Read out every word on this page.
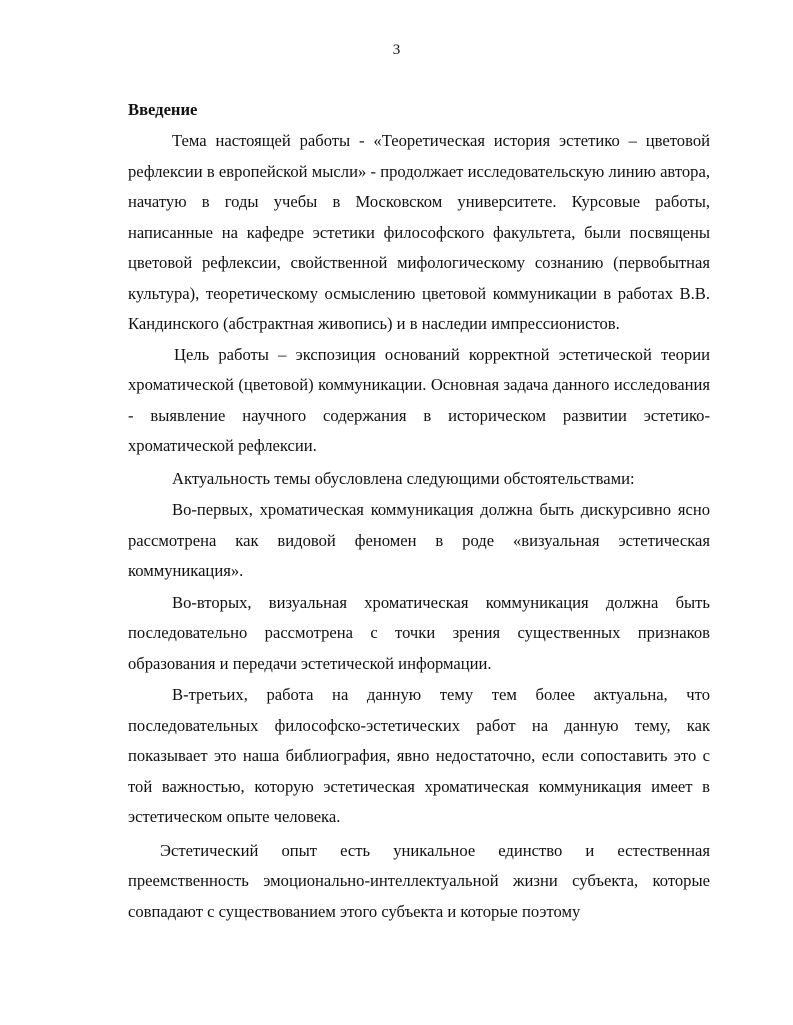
3

Введение

Тема настоящей работы - «Теоретическая история эстетико – цветовой рефлексии в европейской мысли» - продолжает исследовательскую линию автора, начатую в годы учебы в Московском университете. Курсовые работы, написанные на кафедре эстетики философского факультета, были посвящены цветовой рефлексии, свойственной мифологическому сознанию (первобытная культура), теоретическому осмыслению цветовой коммуникации в работах В.В. Кандинского (абстрактная живопись) и в наследии импрессионистов.

Цель работы – экспозиция оснований корректной эстетической теории хроматической (цветовой) коммуникации. Основная задача данного исследования - выявление научного содержания в историческом развитии эстетико-хроматической рефлексии.

Актуальность темы обусловлена следующими обстоятельствами:

Во-первых, хроматическая коммуникация должна быть дискурсивно ясно рассмотрена как видовой феномен в роде «визуальная эстетическая коммуникация».

Во-вторых, визуальная хроматическая коммуникация должна быть последовательно рассмотрена с точки зрения существенных признаков образования и передачи эстетической информации.

В-третьих, работа на данную тему тем более актуальна, что последовательных философско-эстетических работ на данную тему, как показывает это наша библиография, явно недостаточно, если сопоставить это с той важностью, которую эстетическая хроматическая коммуникация имеет в эстетическом опыте человека.

Эстетический опыт есть уникальное единство и естественная преемственность эмоционально-интеллектуальной жизни субъекта, которые совпадают с существованием этого субъекта и которые поэтому
